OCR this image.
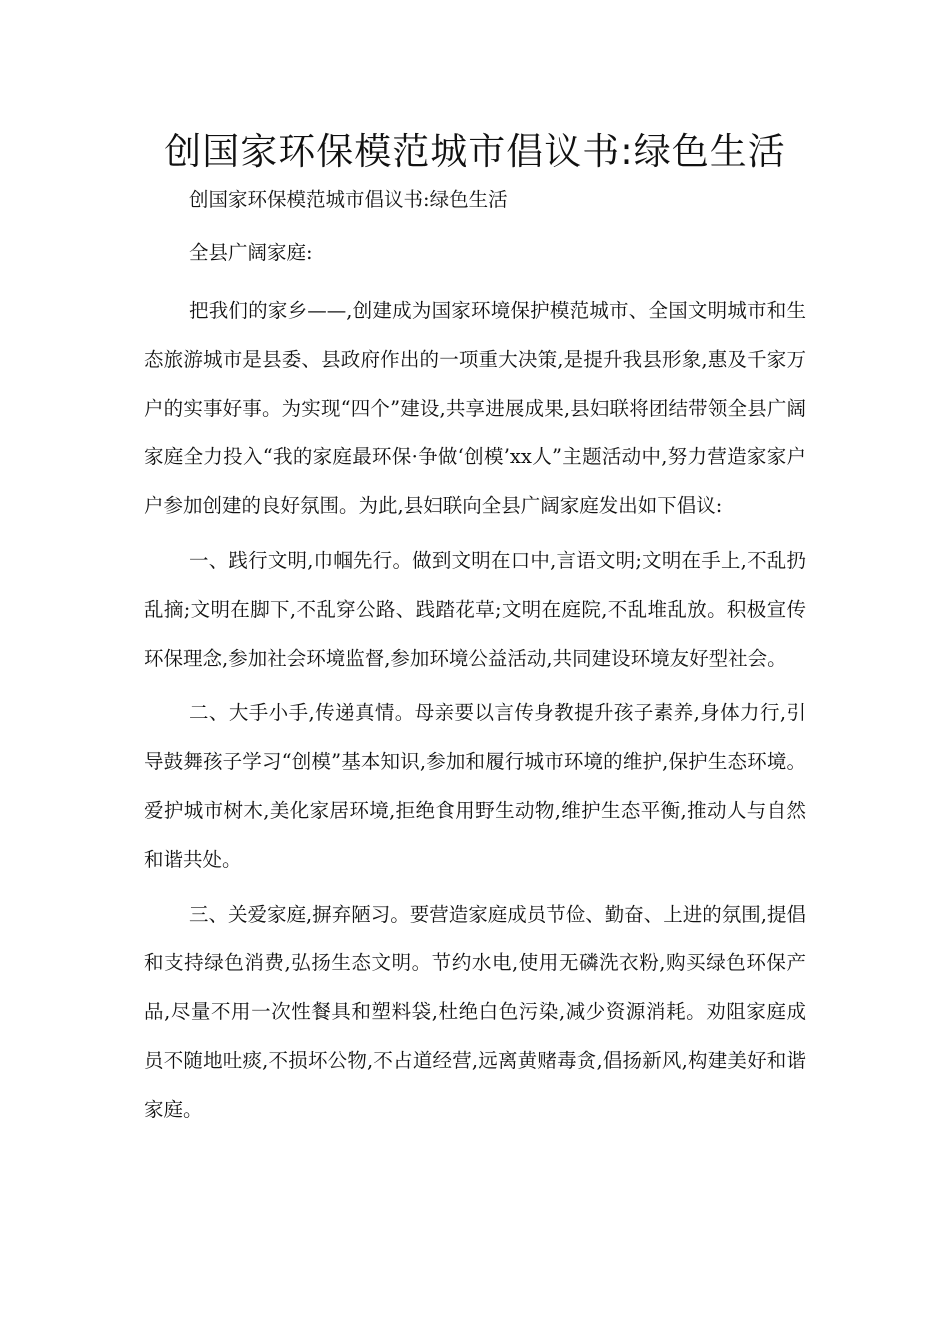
创国家环保模范城市倡议书:绿色生活

创国家环保模范城市倡议书:绿色生活

全县广阔家庭:

把我们的家乡——,创建成为国家环境保护模范城市、全国文明城市和生态旅游城市是县委、县政府作出的一项重大决策,是提升我县形象,惠及千家万户的实事好事。为实现“四个”建设,共享进展成果,县妇联将团结带领全县广阔家庭全力投入“我的家庭最环保·争做‘创模’xx人”主题活动中,努力营造家家户户参加创建的良好氛围。为此,县妇联向全县广阔家庭发出如下倡议:

一、践行文明,巾帼先行。做到文明在口中,言语文明;文明在手上,不乱扔乱摘;文明在脚下,不乱穿公路、践踏花草;文明在庭院,不乱堆乱放。积极宣传环保理念,参加社会环境监督,参加环境公益活动,共同建设环境友好型社会。

二、大手小手,传递真情。母亲要以言传身教提升孩子素养,身体力行,引导鼓舞孩子学习“创模”基本知识,参加和履行城市环境的维护,保护生态环境。爱护城市树木,美化家居环境,拒绝食用野生动物,维护生态平衡,推动人与自然和谐共处。

三、关爱家庭,摒弃陋习。要营造家庭成员节俭、勤奋、上进的氛围,提倡和支持绿色消费,弘扬生态文明。节约水电,使用无磷洗衣粉,购买绿色环保产品,尽量不用一次性餐具和塑料袋,杜绝白色污染,减少资源消耗。劝阻家庭成员不随地吐痰,不损坏公物,不占道经营,远离黄赌毒贪,倡扬新风,构建美好和谐家庭。
